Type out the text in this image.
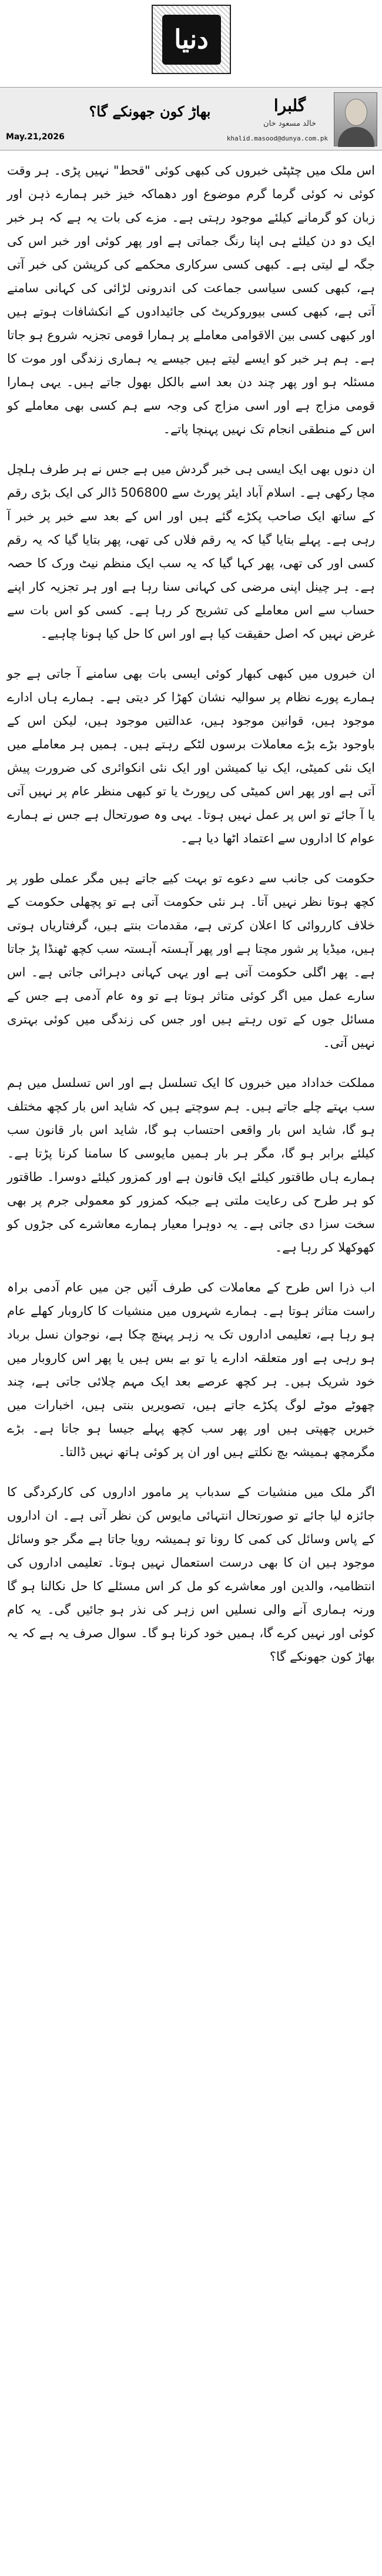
دنیا
گلبرا
خالد مسعود خان
khalid.masood@dunya.com.pk
بھاڑ کون جھونکے گا؟
May.21,2026

اس ملک میں چٹپٹی خبروں کی کبھی کوئی "قحط" نہیں پڑی۔ ہر وقت کوئی نہ کوئی گرما گرم موضوع اور دھماکہ خیز خبر ہمارے ذہن اور زبان کو گرمانے کیلئے موجود رہتی ہے۔ مزے کی بات یہ ہے کہ ہر خبر ایک دو دن کیلئے ہی اپنا رنگ جماتی ہے اور پھر کوئی اور خبر اس کی جگہ لے لیتی ہے۔ کبھی کسی سرکاری محکمے کی کرپشن کی خبر آتی ہے، کبھی کسی سیاسی جماعت کی اندرونی لڑائی کی کہانی سامنے آتی ہے، کبھی کسی بیوروکریٹ کی جائیدادوں کے انکشافات ہوتے ہیں اور کبھی کسی بین الاقوامی معاملے پر ہمارا قومی تجزیہ شروع ہو جاتا ہے۔ ہم ہر خبر کو ایسے لیتے ہیں جیسے یہ ہماری زندگی اور موت کا مسئلہ ہو اور پھر چند دن بعد اسے بالکل بھول جاتے ہیں۔ یہی ہمارا قومی مزاج ہے اور اسی مزاج کی وجہ سے ہم کسی بھی معاملے کو اس کے منطقی انجام تک نہیں پہنچا پاتے۔

ان دنوں بھی ایک ایسی ہی خبر گردش میں ہے جس نے ہر طرف ہلچل مچا رکھی ہے۔ اسلام آباد ایئر پورٹ سے 506800 ڈالر کی ایک بڑی رقم کے ساتھ ایک صاحب پکڑے گئے ہیں اور اس کے بعد سے خبر پر خبر آ رہی ہے۔ پہلے بتایا گیا کہ یہ رقم فلاں کی تھی، پھر بتایا گیا کہ یہ رقم کسی اور کی تھی، پھر کہا گیا کہ یہ سب ایک منظم نیٹ ورک کا حصہ ہے۔ ہر چینل اپنی مرضی کی کہانی سنا رہا ہے اور ہر تجزیہ کار اپنے حساب سے اس معاملے کی تشریح کر رہا ہے۔ کسی کو اس بات سے غرض نہیں کہ اصل حقیقت کیا ہے اور اس کا حل کیا ہونا چاہیے۔

ان خبروں میں کبھی کبھار کوئی ایسی بات بھی سامنے آ جاتی ہے جو ہمارے پورے نظام پر سوالیہ نشان کھڑا کر دیتی ہے۔ ہمارے ہاں ادارے موجود ہیں، قوانین موجود ہیں، عدالتیں موجود ہیں، لیکن اس کے باوجود بڑے بڑے معاملات برسوں لٹکے رہتے ہیں۔ ہمیں ہر معاملے میں ایک نئی کمیٹی، ایک نیا کمیشن اور ایک نئی انکوائری کی ضرورت پیش آتی ہے اور پھر اس کمیٹی کی رپورٹ یا تو کبھی منظر عام پر نہیں آتی یا آ جائے تو اس پر عمل نہیں ہوتا۔ یہی وہ صورتحال ہے جس نے ہمارے عوام کا اداروں سے اعتماد اٹھا دیا ہے۔

حکومت کی جانب سے دعوے تو بہت کیے جاتے ہیں مگر عملی طور پر کچھ ہوتا نظر نہیں آتا۔ ہر نئی حکومت آتی ہے تو پچھلی حکومت کے خلاف کارروائی کا اعلان کرتی ہے، مقدمات بنتے ہیں، گرفتاریاں ہوتی ہیں، میڈیا پر شور مچتا ہے اور پھر آہستہ آہستہ سب کچھ ٹھنڈا پڑ جاتا ہے۔ پھر اگلی حکومت آتی ہے اور یہی کہانی دہرائی جاتی ہے۔ اس سارے عمل میں اگر کوئی متاثر ہوتا ہے تو وہ عام آدمی ہے جس کے مسائل جوں کے توں رہتے ہیں اور جس کی زندگی میں کوئی بہتری نہیں آتی۔

مملکت خداداد میں خبروں کا ایک تسلسل ہے اور اس تسلسل میں ہم سب بہتے چلے جاتے ہیں۔ ہم سوچتے ہیں کہ شاید اس بار کچھ مختلف ہو گا، شاید اس بار واقعی احتساب ہو گا، شاید اس بار قانون سب کیلئے برابر ہو گا، مگر ہر بار ہمیں مایوسی کا سامنا کرنا پڑتا ہے۔ ہمارے ہاں طاقتور کیلئے ایک قانون ہے اور کمزور کیلئے دوسرا۔ طاقتور کو ہر طرح کی رعایت ملتی ہے جبکہ کمزور کو معمولی جرم پر بھی سخت سزا دی جاتی ہے۔ یہ دوہرا معیار ہمارے معاشرے کی جڑوں کو کھوکھلا کر رہا ہے۔

اب ذرا اس طرح کے معاملات کی طرف آئیں جن میں عام آدمی براہ راست متاثر ہوتا ہے۔ ہمارے شہروں میں منشیات کا کاروبار کھلے عام ہو رہا ہے، تعلیمی اداروں تک یہ زہر پہنچ چکا ہے، نوجوان نسل برباد ہو رہی ہے اور متعلقہ ادارے یا تو بے بس ہیں یا پھر اس کاروبار میں خود شریک ہیں۔ ہر کچھ عرصے بعد ایک مہم چلائی جاتی ہے، چند چھوٹے موٹے لوگ پکڑے جاتے ہیں، تصویریں بنتی ہیں، اخبارات میں خبریں چھپتی ہیں اور پھر سب کچھ پہلے جیسا ہو جاتا ہے۔ بڑے مگرمچھ ہمیشہ بچ نکلتے ہیں اور ان پر کوئی ہاتھ نہیں ڈالتا۔

اگر ملک میں منشیات کے سدباب پر مامور اداروں کی کارکردگی کا جائزہ لیا جائے تو صورتحال انتہائی مایوس کن نظر آتی ہے۔ ان اداروں کے پاس وسائل کی کمی کا رونا تو ہمیشہ رویا جاتا ہے مگر جو وسائل موجود ہیں ان کا بھی درست استعمال نہیں ہوتا۔ تعلیمی اداروں کی انتظامیہ، والدین اور معاشرے کو مل کر اس مسئلے کا حل نکالنا ہو گا ورنہ ہماری آنے والی نسلیں اس زہر کی نذر ہو جائیں گی۔ یہ کام کوئی اور نہیں کرے گا، ہمیں خود کرنا ہو گا۔ سوال صرف یہ ہے کہ یہ بھاڑ کون جھونکے گا؟
